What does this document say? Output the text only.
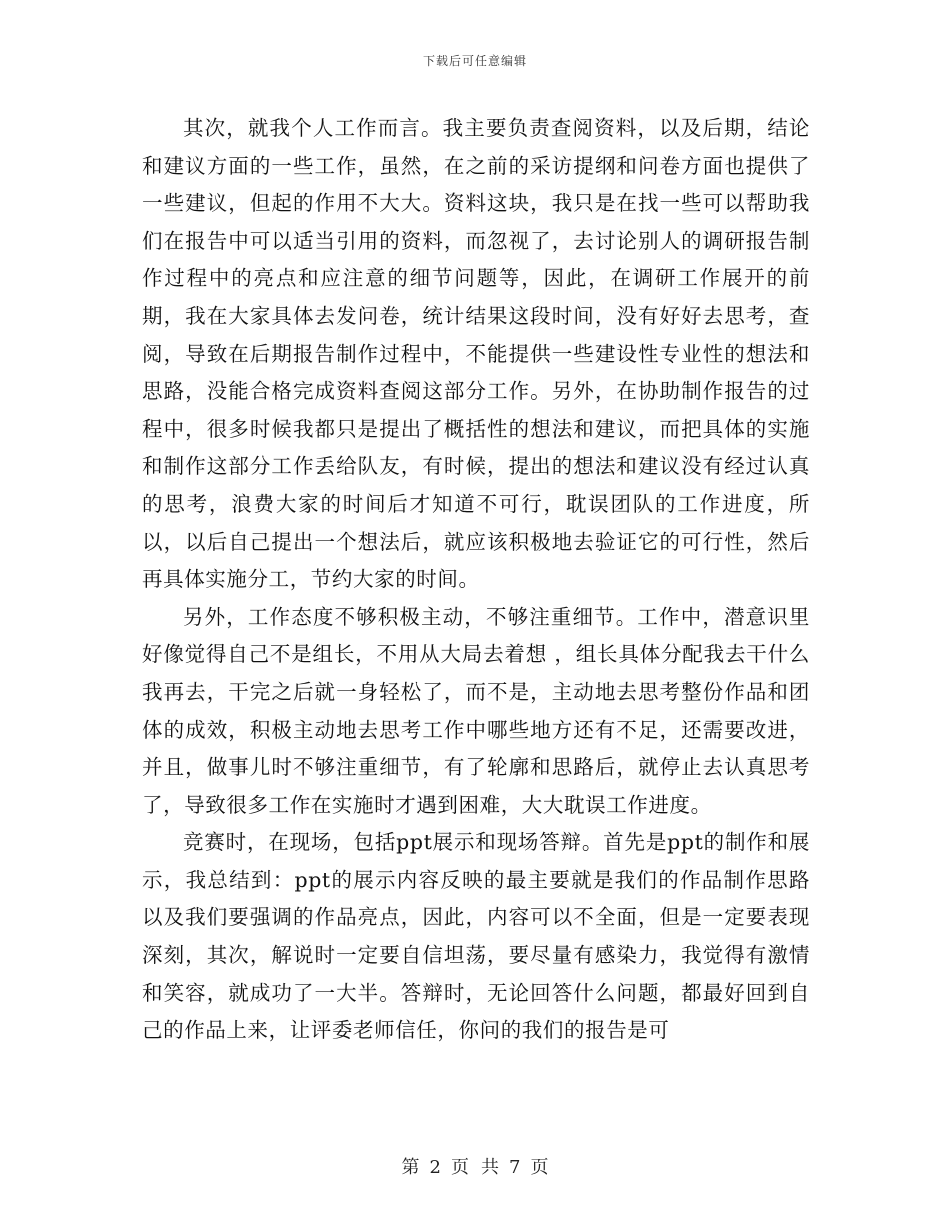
下载后可任意编辑

其次，就我个人工作而言。我主要负责查阅资料，以及后期，结论和建议方面的一些工作，虽然，在之前的采访提纲和问卷方面也提供了一些建议，但起的作用不大大。资料这块，我只是在找一些可以帮助我们在报告中可以适当引用的资料，而忽视了，去讨论别人的调研报告制作过程中的亮点和应注意的细节问题等，因此，在调研工作展开的前期，我在大家具体去发问卷，统计结果这段时间，没有好好去思考，查阅，导致在后期报告制作过程中，不能提供一些建设性专业性的想法和思路，没能合格完成资料查阅这部分工作。另外，在协助制作报告的过程中，很多时候我都只是提出了概括性的想法和建议，而把具体的实施和制作这部分工作丢给队友，有时候，提出的想法和建议没有经过认真的思考，浪费大家的时间后才知道不可行，耽误团队的工作进度，所以，以后自己提出一个想法后，就应该积极地去验证它的可行性，然后再具体实施分工，节约大家的时间。

另外，工作态度不够积极主动，不够注重细节。工作中，潜意识里好像觉得自己不是组长，不用从大局去着想 ，组长具体分配我去干什么我再去，干完之后就一身轻松了，而不是，主动地去思考整份作品和团体的成效，积极主动地去思考工作中哪些地方还有不足，还需要改进，并且，做事儿时不够注重细节，有了轮廓和思路后，就停止去认真思考了，导致很多工作在实施时才遇到困难，大大耽误工作进度。

竞赛时，在现场，包括ppt展示和现场答辩。首先是ppt的制作和展示，我总结到：ppt的展示内容反映的最主要就是我们的作品制作思路以及我们要强调的作品亮点，因此，内容可以不全面，但是一定要表现深刻，其次，解说时一定要自信坦荡，要尽量有感染力，我觉得有激情和笑容，就成功了一大半。答辩时，无论回答什么问题，都最好回到自己的作品上来，让评委老师信任，你问的我们的报告是可

第 2 页 共 7 页
